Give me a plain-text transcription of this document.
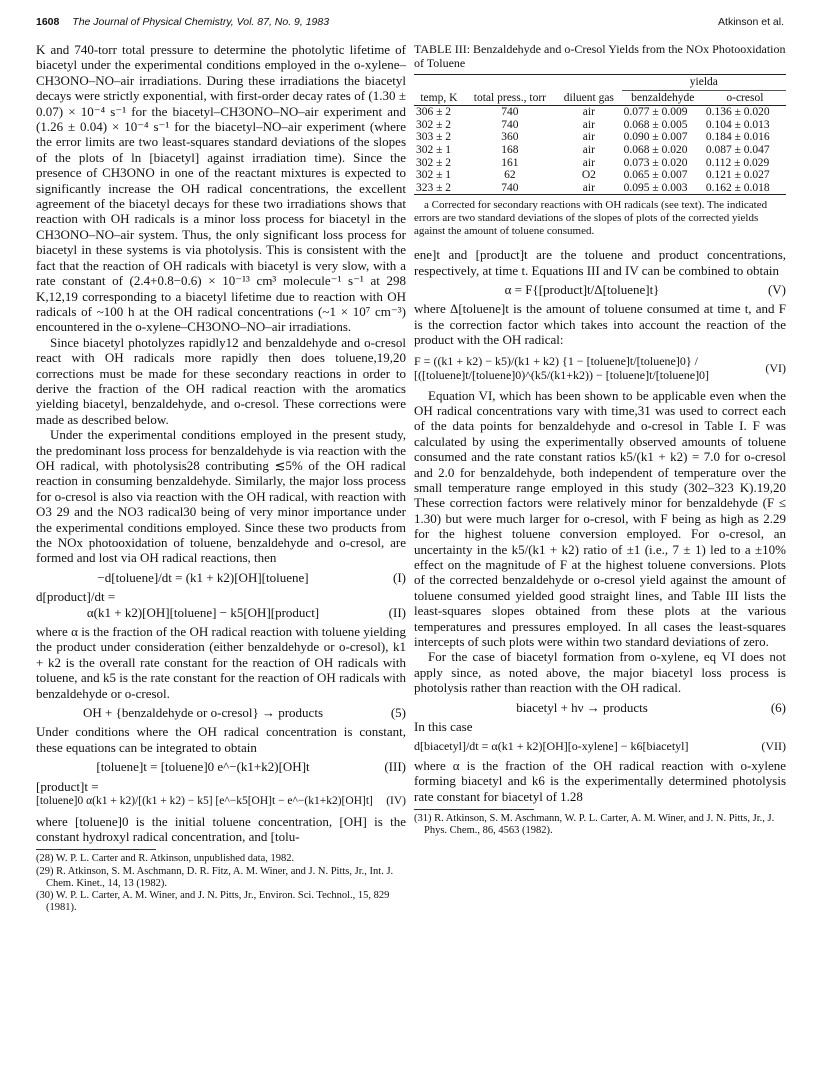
1608 The Journal of Physical Chemistry, Vol. 87, No. 9, 1983	Atkinson et al.

K and 740-torr total pressure to determine the photolytic lifetime of biacetyl under the experimental conditions employed in the o-xylene–CH3ONO–NO–air irradiations. During these irradiations the biacetyl decays were strictly exponential, with first-order decay rates of (1.30 ± 0.07) × 10⁻⁴ s⁻¹ for the biacetyl–CH3ONO–NO–air experiment and (1.26 ± 0.04) × 10⁻⁴ s⁻¹ for the biacetyl–NO–air experiment (where the error limits are two least-squares standard deviations of the slopes of the plots of ln [biacetyl] against irradiation time). Since the presence of CH3ONO in one of the reactant mixtures is expected to significantly increase the OH radical concentrations, the excellent agreement of the biacetyl decays for these two irradiations shows that reaction with OH radicals is a minor loss process for biacetyl in the CH3ONO–NO–air system. Thus, the only significant loss process for biacetyl in these systems is via photolysis. This is consistent with the fact that the reaction of OH radicals with biacetyl is very slow, with a rate constant of (2.4+0.8−0.6) × 10⁻¹³ cm³ molecule⁻¹ s⁻¹ at 298 K,12,19 corresponding to a biacetyl lifetime due to reaction with OH radicals of ~100 h at the OH radical concentrations (~1 × 10⁷ cm⁻³) encountered in the o-xylene–CH3ONO–NO–air irradiations.

Since biacetyl photolyzes rapidly12 and benzaldehyde and o-cresol react with OH radicals more rapidly then does toluene,19,20 corrections must be made for these secondary reactions in order to derive the fraction of the OH radical reaction with the aromatics yielding biacetyl, benzaldehyde, and o-cresol. These corrections were made as described below.

Under the experimental conditions employed in the present study, the predominant loss process for benzaldehyde is via reaction with the OH radical, with photolysis28 contributing ≲5% of the OH radical reaction in consuming benzaldehyde. Similarly, the major loss process for o-cresol is also via reaction with the OH radical, with reaction with O3 29 and the NO3 radical30 being of very minor importance under the experimental conditions employed. Since these two products from the NOx photooxidation of toluene, benzaldehyde and o-cresol, are formed and lost via OH radical reactions, then

−d[toluene]/dt = (k1 + k2)[OH][toluene]	(I)
d[product]/dt =
α(k1 + k2)[OH][toluene] − k5[OH][product]	(II)

where α is the fraction of the OH radical reaction with toluene yielding the product under consideration (either benzaldehyde or o-cresol), k1 + k2 is the overall rate constant for the reaction of OH radicals with toluene, and k5 is the rate constant for the reaction of OH radicals with benzaldehyde or o-cresol.

OH + {benzaldehyde or o-cresol} → products	(5)

Under conditions where the OH radical concentration is constant, these equations can be integrated to obtain

[toluene]t = [toluene]0 e^−(k1+k2)[OH]t	(III)
[product]t =
[toluene]0 α(k1 + k2)/[(k1 + k2) − k5] [e^−k5[OH]t − e^−(k1+k2)[OH]t]	(IV)

where [toluene]0 is the initial toluene concentration, [OH] is the constant hydroxyl radical concentration, and [tolu-

(28) W. P. L. Carter and R. Atkinson, unpublished data, 1982.

(29) R. Atkinson, S. M. Aschmann, D. R. Fitz, A. M. Winer, and J. N. Pitts, Jr., Int. J. Chem. Kinet., 14, 13 (1982).

(30) W. P. L. Carter, A. M. Winer, and J. N. Pitts, Jr., Environ. Sci. Technol., 15, 829 (1981).

TABLE III: Benzaldehyde and o-Cresol Yields from the NOx Photooxidation of Toluene
temp, K	total press., torr	diluent gas	yielda	
			benzaldehyde	o-cresol
306 ± 2	740	air	0.077 ± 0.009	0.136 ± 0.020
302 ± 2	740	air	0.068 ± 0.005	0.104 ± 0.013
303 ± 2	360	air	0.090 ± 0.007	0.184 ± 0.016
302 ± 1	168	air	0.068 ± 0.020	0.087 ± 0.047
302 ± 2	161	air	0.073 ± 0.020	0.112 ± 0.029
302 ± 1	62	O2	0.065 ± 0.007	0.121 ± 0.027
323 ± 2	740	air	0.095 ± 0.003	0.162 ± 0.018
a Corrected for secondary reactions with OH radicals (see text). The indicated errors are two standard deviations of the slopes of plots of the corrected yields against the amount of toluene consumed.

ene]t and [product]t are the toluene and product concentrations, respectively, at time t. Equations III and IV can be combined to obtain

α = F{[product]t/Δ[toluene]t}	(V)

where Δ[toluene]t is the amount of toluene consumed at time t, and F is the correction factor which takes into account the reaction of the product with the OH radical:

F = ((k1 + k2) − k5)/(k1 + k2) {1 − [toluene]t/[toluene]0} / [([toluene]t/[toluene]0)^(k5/(k1+k2)) − [toluene]t/[toluene]0]	(VI)

Equation VI, which has been shown to be applicable even when the OH radical concentrations vary with time,31 was used to correct each of the data points for benzaldehyde and o-cresol in Table I. F was calculated by using the experimentally observed amounts of toluene consumed and the rate constant ratios k5/(k1 + k2) = 7.0 for o-cresol and 2.0 for benzaldehyde, both independent of temperature over the small temperature range employed in this study (302–323 K).19,20 These correction factors were relatively minor for benzaldehyde (F ≤ 1.30) but were much larger for o-cresol, with F being as high as 2.29 for the highest toluene conversion employed. For o-cresol, an uncertainty in the k5/(k1 + k2) ratio of ±1 (i.e., 7 ± 1) led to a ±10% effect on the magnitude of F at the highest toluene conversions. Plots of the corrected benzaldehyde or o-cresol yield against the amount of toluene consumed yielded good straight lines, and Table III lists the least-squares slopes obtained from these plots at the various temperatures and pressures employed. In all cases the least-squares intercepts of such plots were within two standard deviations of zero.

For the case of biacetyl formation from o-xylene, eq VI does not apply since, as noted above, the major biacetyl loss process is photolysis rather than reaction with the OH radical.

biacetyl + hν → products	(6)

In this case

d[biacetyl]/dt = α(k1 + k2)[OH][o-xylene] − k6[biacetyl]	(VII)

where α is the fraction of the OH radical reaction with o-xylene forming biacetyl and k6 is the experimentally determined photolysis rate constant for biacetyl of 1.28

(31) R. Atkinson, S. M. Aschmann, W. P. L. Carter, A. M. Winer, and J. N. Pitts, Jr., J. Phys. Chem., 86, 4563 (1982).
